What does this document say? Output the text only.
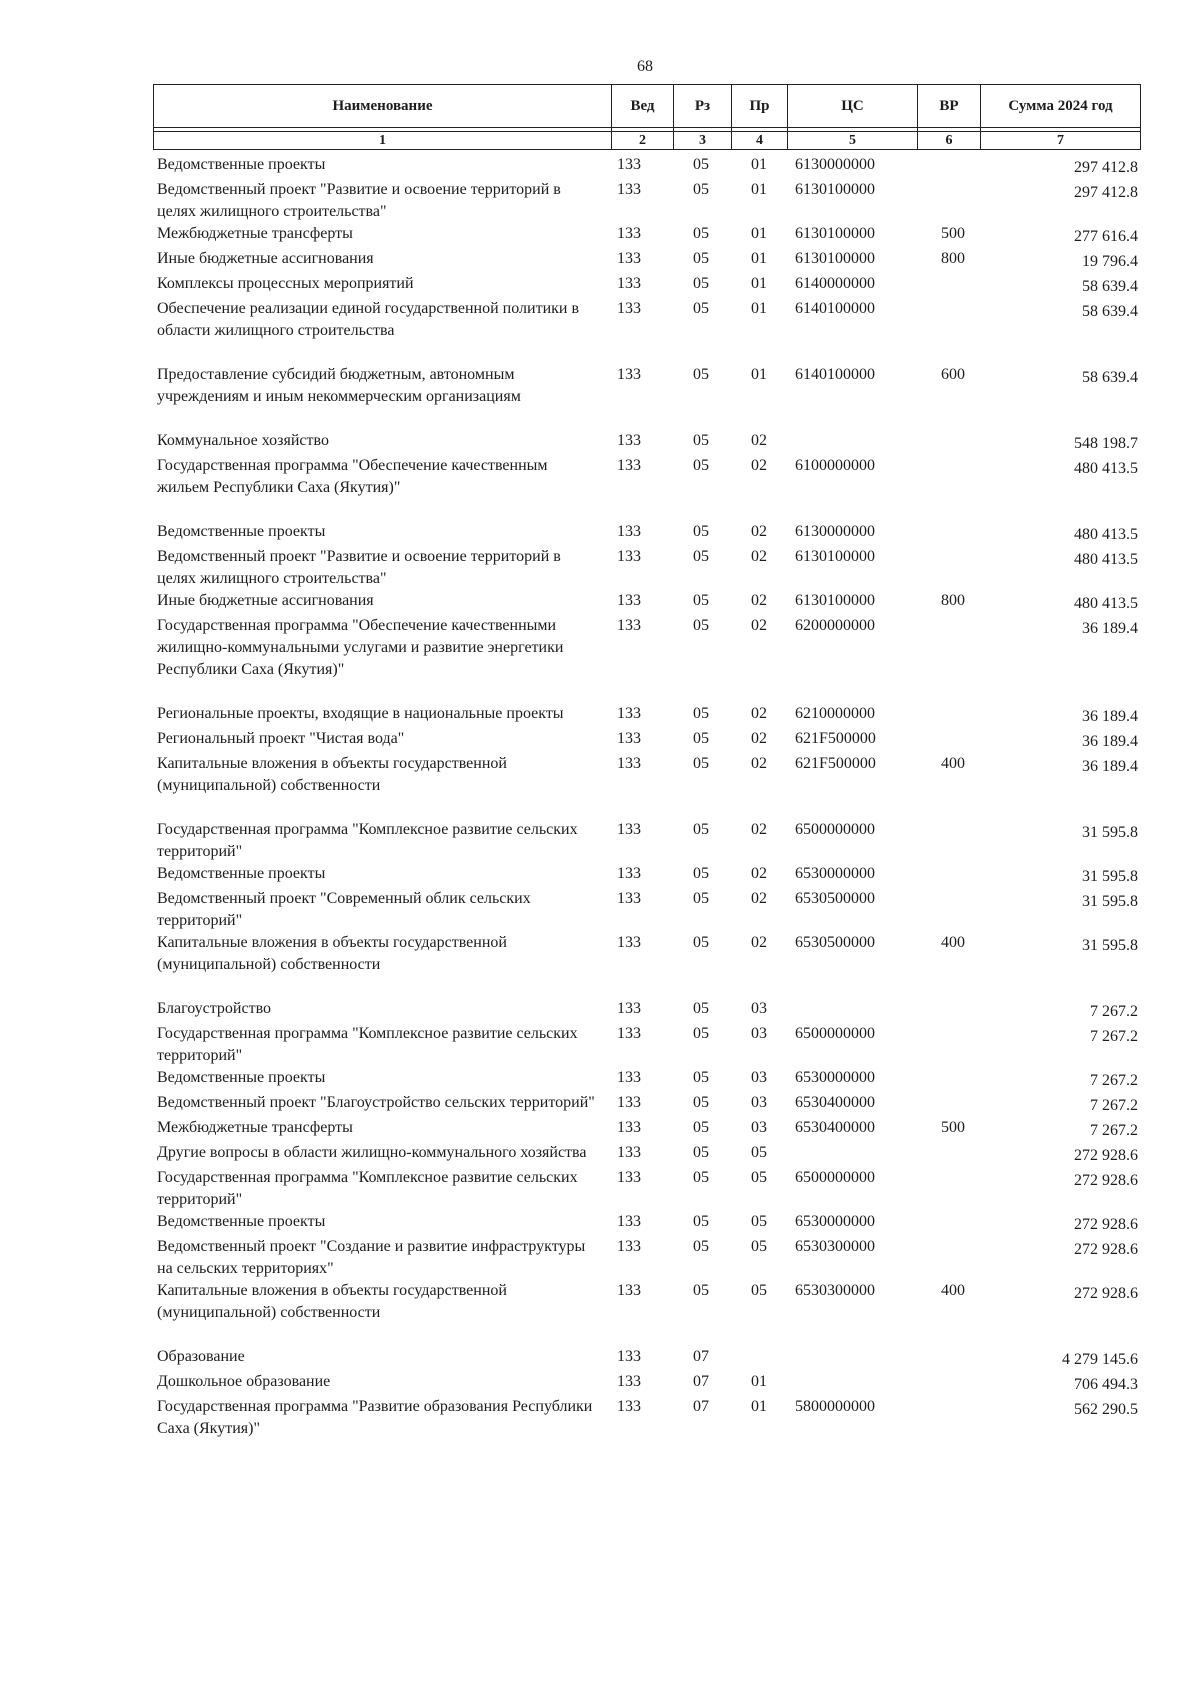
68
Наименование	Вед	Рз	Пр	ЦС	ВР	Сумма 2024 год

1	2	3	4	5	6	7
Ведомственные проекты	133	05	01	6130000000		297 412.8
Ведомственный проект "Развитие и освоение территорий в целях жилищного строительства"	133	05	01	6130100000		297 412.8
Межбюджетные трансферты	133	05	01	6130100000	500	277 616.4
Иные бюджетные ассигнования	133	05	01	6130100000	800	19 796.4
Комплексы процессных мероприятий	133	05	01	6140000000		58 639.4
Обеспечение реализации единой государственной политики в области жилищного строительства	133	05	01	6140100000		58 639.4
Предоставление субсидий бюджетным, автономным учреждениям и иным некоммерческим организациям	133	05	01	6140100000	600	58 639.4
Коммунальное хозяйство	133	05	02			548 198.7
Государственная программа "Обеспечение качественным жильем Республики Саха (Якутия)"	133	05	02	6100000000		480 413.5
Ведомственные проекты	133	05	02	6130000000		480 413.5
Ведомственный проект "Развитие и освоение территорий в целях жилищного строительства"	133	05	02	6130100000		480 413.5
Иные бюджетные ассигнования	133	05	02	6130100000	800	480 413.5
Государственная программа "Обеспечение качественными жилищно-коммунальными услугами и развитие энергетики Республики Саха (Якутия)"	133	05	02	6200000000		36 189.4
Региональные проекты, входящие в национальные проекты	133	05	02	6210000000		36 189.4
Региональный проект "Чистая вода"	133	05	02	621F500000		36 189.4
Капитальные вложения в объекты государственной (муниципальной) собственности	133	05	02	621F500000	400	36 189.4
Государственная программа "Комплексное развитие сельских территорий"	133	05	02	6500000000		31 595.8
Ведомственные проекты	133	05	02	6530000000		31 595.8
Ведомственный проект "Современный облик сельских территорий"	133	05	02	6530500000		31 595.8
Капитальные вложения в объекты государственной (муниципальной) собственности	133	05	02	6530500000	400	31 595.8
Благоустройство	133	05	03			7 267.2
Государственная программа "Комплексное развитие сельских территорий"	133	05	03	6500000000		7 267.2
Ведомственные проекты	133	05	03	6530000000		7 267.2
Ведомственный проект "Благоустройство сельских территорий"	133	05	03	6530400000		7 267.2
Межбюджетные трансферты	133	05	03	6530400000	500	7 267.2
Другие вопросы в области жилищно-коммунального хозяйства	133	05	05			272 928.6
Государственная программа "Комплексное развитие сельских территорий"	133	05	05	6500000000		272 928.6
Ведомственные проекты	133	05	05	6530000000		272 928.6
Ведомственный проект "Создание и развитие инфраструктуры на сельских территориях"	133	05	05	6530300000		272 928.6
Капитальные вложения в объекты государственной (муниципальной) собственности	133	05	05	6530300000	400	272 928.6
Образование	133	07				4 279 145.6
Дошкольное образование	133	07	01			706 494.3
Государственная программа "Развитие образования Республики Саха (Якутия)"	133	07	01	5800000000		562 290.5
